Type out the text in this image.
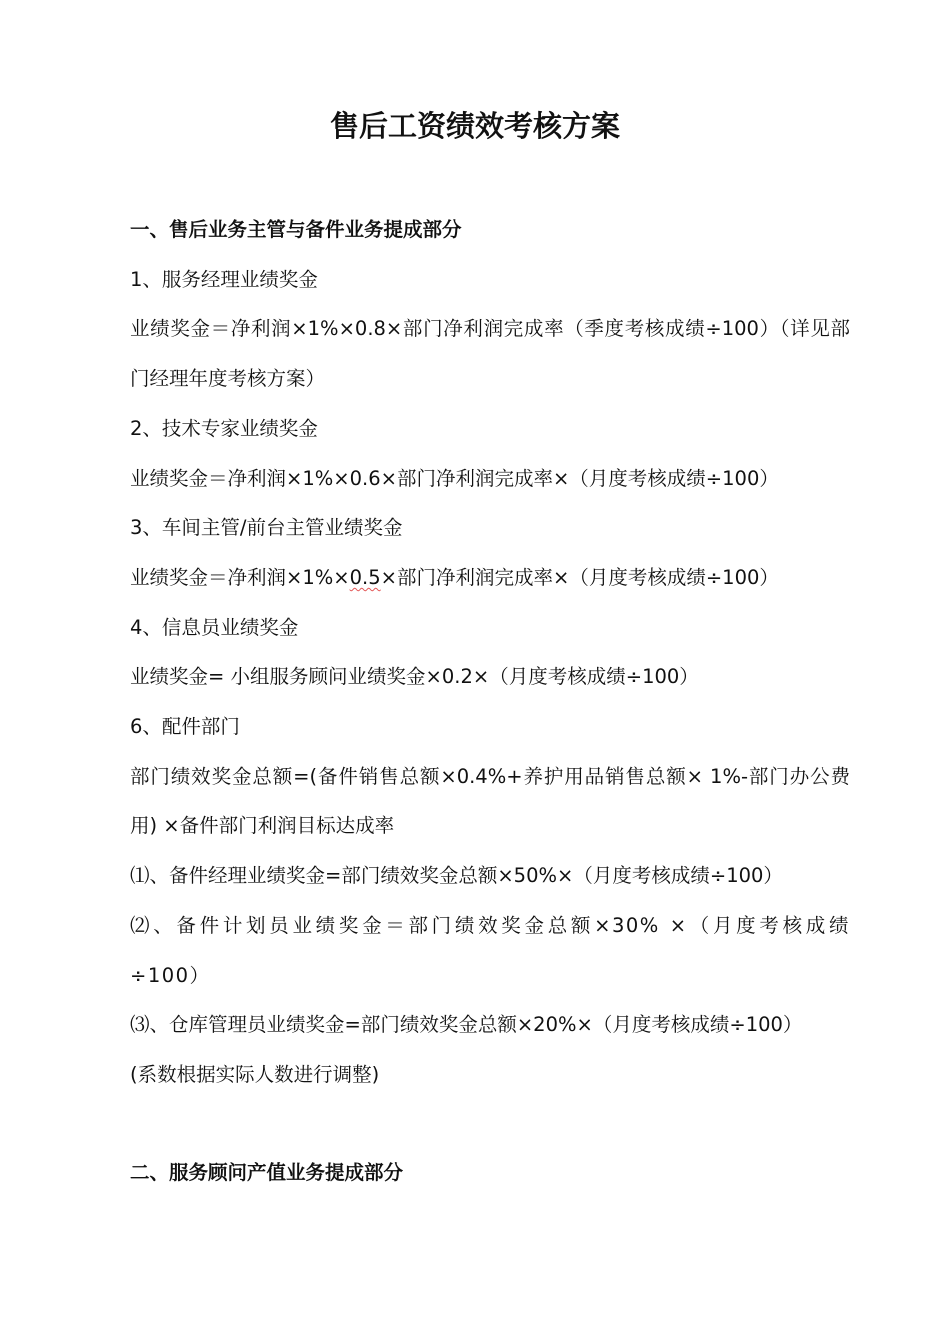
售后工资绩效考核方案
一、售后业务主管与备件业务提成部分
1、服务经理业绩奖金
业绩奖金＝净利润×1%×0.8×部门净利润完成率（季度考核成绩÷100）（详见部门经理年度考核方案）
2、技术专家业绩奖金
业绩奖金＝净利润×1%×0.6×部门净利润完成率×（月度考核成绩÷100）
3、车间主管/前台主管业绩奖金
业绩奖金＝净利润×1%×0.5×部门净利润完成率×（月度考核成绩÷100）
4、信息员业绩奖金
业绩奖金= 小组服务顾问业绩奖金×0.2×（月度考核成绩÷100）
6、配件部门
部门绩效奖金总额=(备件销售总额×0.4%+养护用品销售总额× 1%-部门办公费用) ×备件部门利润目标达成率
⑴、备件经理业绩奖金=部门绩效奖金总额×50%×（月度考核成绩÷100）
⑵、备件计划员业绩奖金＝部门绩效奖金总额×30% ×（月度考核成绩÷100）
⑶、仓库管理员业绩奖金=部门绩效奖金总额×20%×（月度考核成绩÷100）
(系数根据实际人数进行调整)
二、服务顾问产值业务提成部分
